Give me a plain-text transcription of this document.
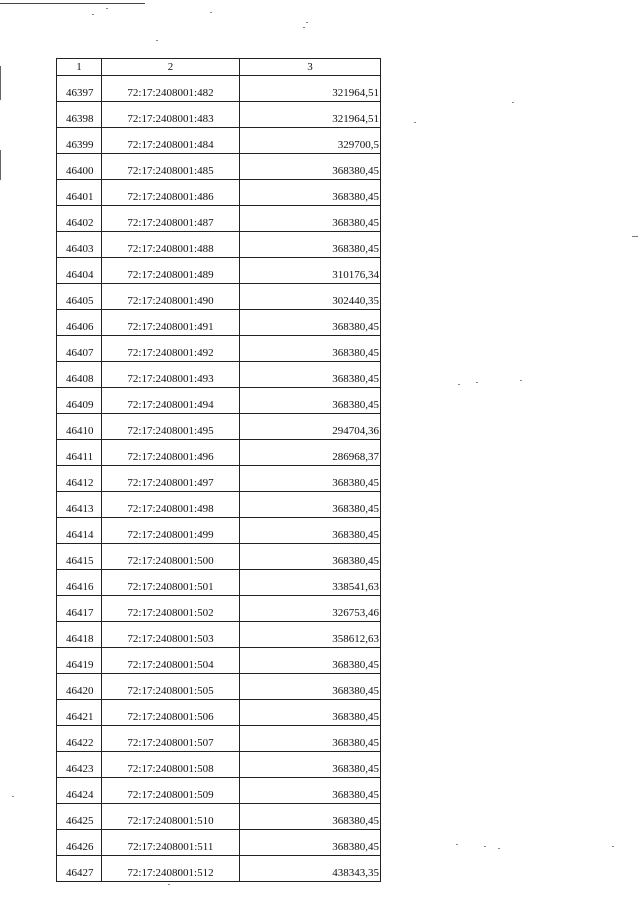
1	2	3
46397	72:17:2408001:482	321964,51
46398	72:17:2408001:483	321964,51
46399	72:17:2408001:484	329700,5
46400	72:17:2408001:485	368380,45
46401	72:17:2408001:486	368380,45
46402	72:17:2408001:487	368380,45
46403	72:17:2408001:488	368380,45
46404	72:17:2408001:489	310176,34
46405	72:17:2408001:490	302440,35
46406	72:17:2408001:491	368380,45
46407	72:17:2408001:492	368380,45
46408	72:17:2408001:493	368380,45
46409	72:17:2408001:494	368380,45
46410	72:17:2408001:495	294704,36
46411	72:17:2408001:496	286968,37
46412	72:17:2408001:497	368380,45
46413	72:17:2408001:498	368380,45
46414	72:17:2408001:499	368380,45
46415	72:17:2408001:500	368380,45
46416	72:17:2408001:501	338541,63
46417	72:17:2408001:502	326753,46
46418	72:17:2408001:503	358612,63
46419	72:17:2408001:504	368380,45
46420	72:17:2408001:505	368380,45
46421	72:17:2408001:506	368380,45
46422	72:17:2408001:507	368380,45
46423	72:17:2408001:508	368380,45
46424	72:17:2408001:509	368380,45
46425	72:17:2408001:510	368380,45
46426	72:17:2408001:511	368380,45
46427	72:17:2408001:512	438343,35
